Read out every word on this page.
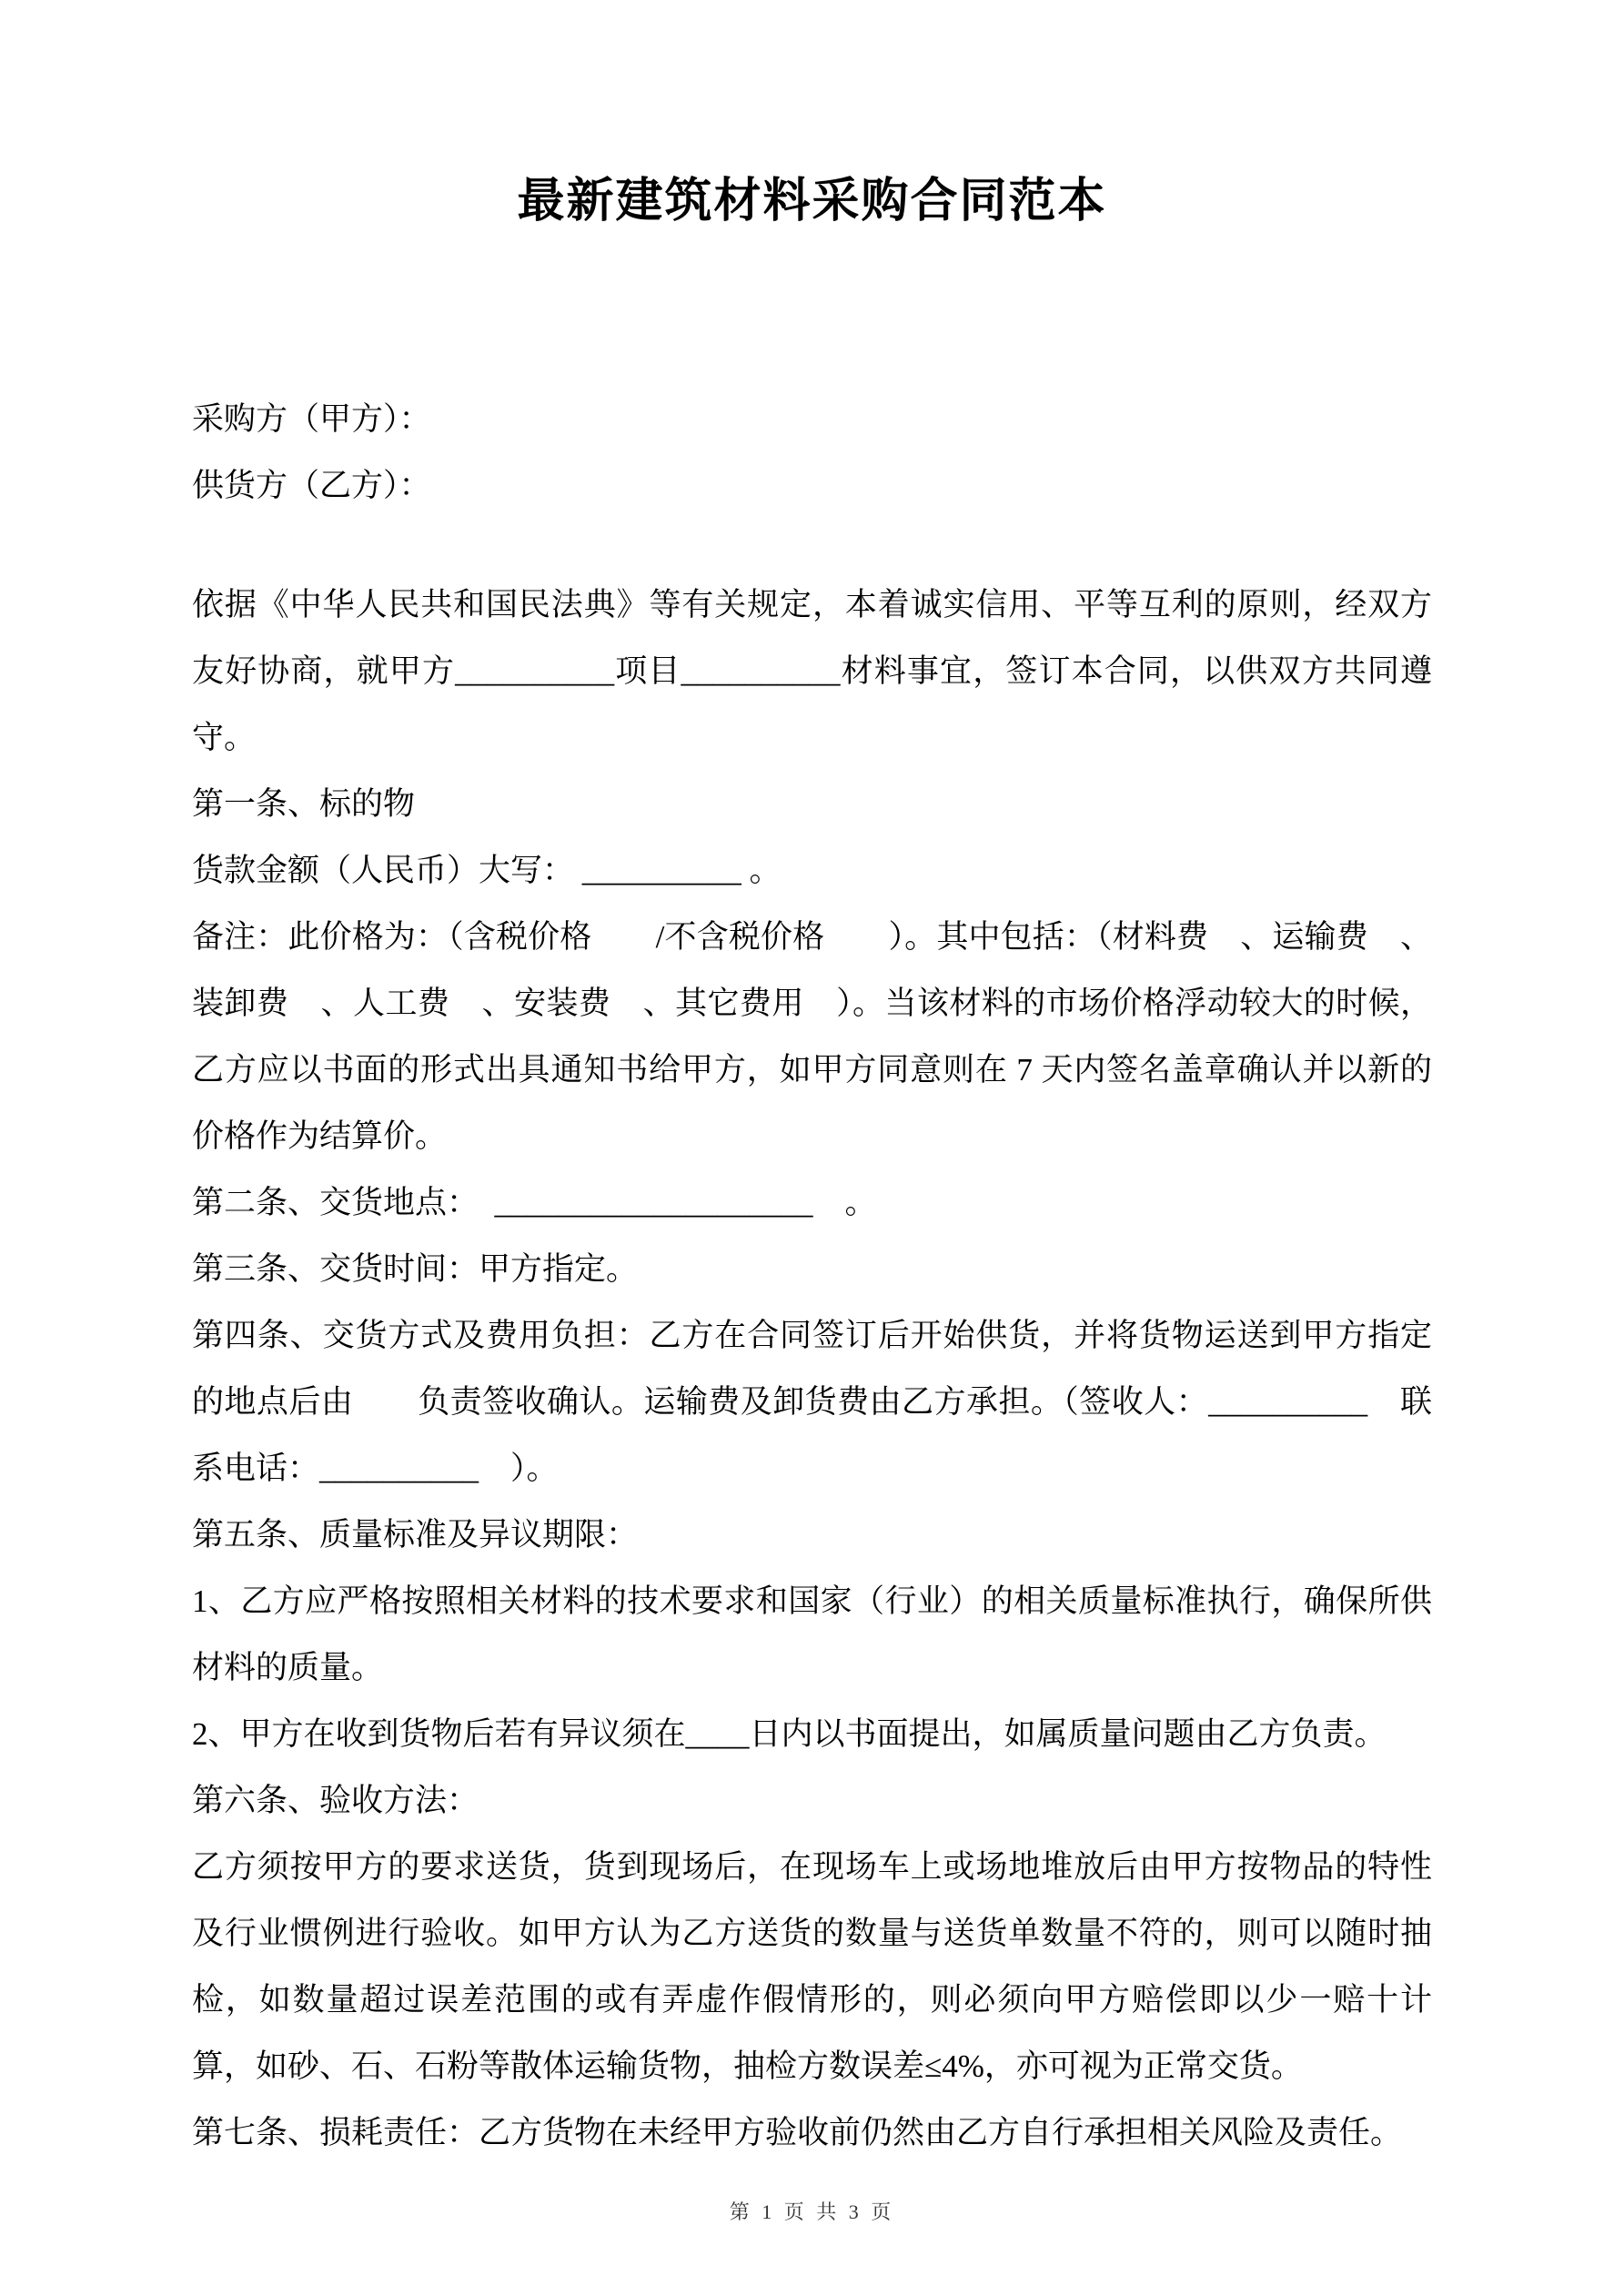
最新建筑材料采购合同范本

采购方（甲方）：

供货方（乙方）：

依据《中华人民共和国民法典》等有关规定，本着诚实信用、平等互利的原则，经双方友好协商，就甲方__________项目__________材料事宜，签订本合同，以供双方共同遵守。

第一条、标的物

货款金额（人民币）大写： __________ 。

备注：此价格为：（含税价格　　/不含税价格　　）。其中包括：（材料费　、运输费　、装卸费　、人工费　、安装费　、其它费用　）。当该材料的市场价格浮动较大的时候，乙方应以书面的形式出具通知书给甲方，如甲方同意则在 7 天内签名盖章确认并以新的价格作为结算价。

第二条、交货地点：　____________________　。

第三条、交货时间：甲方指定。

第四条、交货方式及费用负担：乙方在合同签订后开始供货，并将货物运送到甲方指定的地点后由　　负责签收确认。运输费及卸货费由乙方承担。（签收人：__________　联系电话：__________　）。

第五条、质量标准及异议期限：

1、乙方应严格按照相关材料的技术要求和国家（行业）的相关质量标准执行，确保所供材料的质量。

2、甲方在收到货物后若有异议须在____日内以书面提出，如属质量问题由乙方负责。

第六条、验收方法：

乙方须按甲方的要求送货，货到现场后，在现场车上或场地堆放后由甲方按物品的特性及行业惯例进行验收。如甲方认为乙方送货的数量与送货单数量不符的，则可以随时抽检，如数量超过误差范围的或有弄虚作假情形的，则必须向甲方赔偿即以少一赔十计算，如砂、石、石粉等散体运输货物，抽检方数误差≤4%，亦可视为正常交货。

第七条、损耗责任：乙方货物在未经甲方验收前仍然由乙方自行承担相关风险及责任。

第 1 页 共 3 页
